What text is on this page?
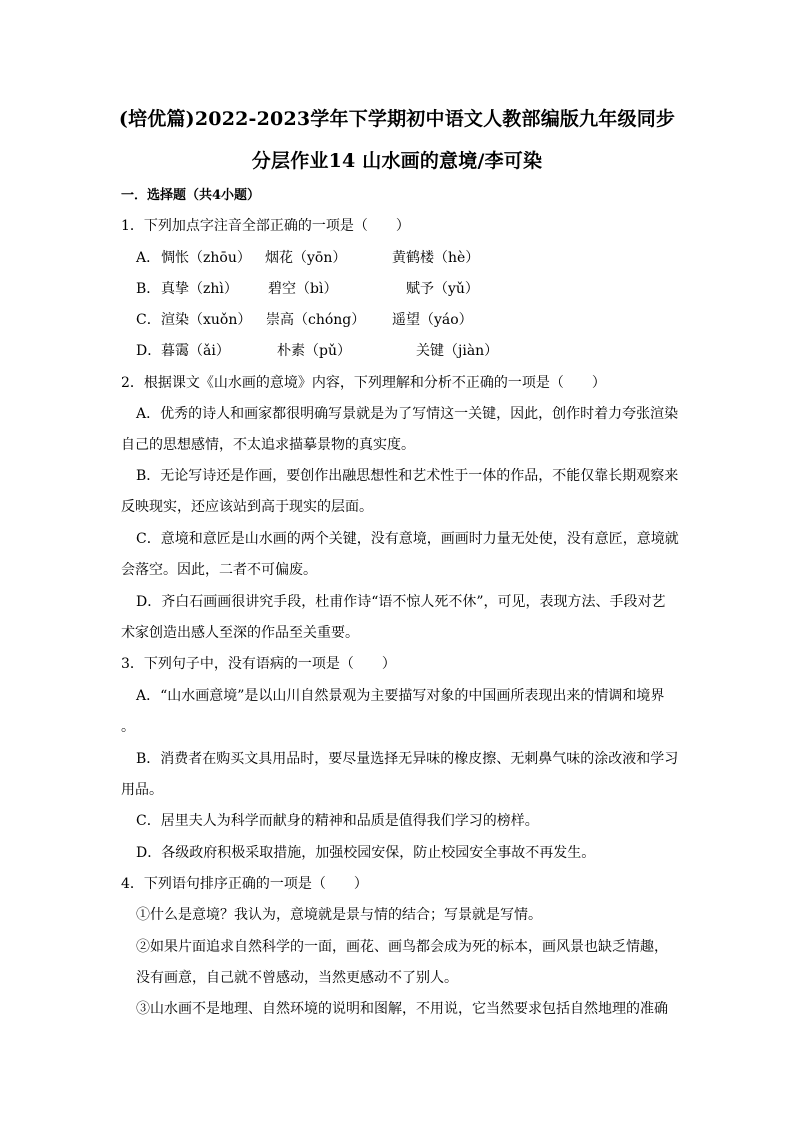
(培优篇)2022-2023学年下学期初中语文人教部编版九年级同步
分层作业14 山水画的意境/李可染
一．选择题（共4小题）
1．下列加点字注音全部正确的一项是（　　）
A． 惆怅（zhōu） 烟花（yōn）	黄鹤楼（hè）
B． 真挚（zhì） 碧空（bì）	赋予（yǔ）
C． 渲染（xuǒn） 崇高（chóng） 遥望（yáo）
D． 暮霭（ǎi）	朴素（pǔ）	关键（jiàn）
2．根据课文《山水画的意境》内容，下列理解和分析不正确的一项是（　　）
A．优秀的诗人和画家都很明确写景就是为了写情这一关键，因此，创作时着力夸张渲染
自己的思想感情，不太追求描摹景物的真实度。
B．无论写诗还是作画，要创作出融思想性和艺术性于一体的作品，不能仅靠长期观察来
反映现实，还应该站到高于现实的层面。
C．意境和意匠是山水画的两个关键，没有意境，画画时力量无处使，没有意匠，意境就
会落空。因此，二者不可偏废。
D．齐白石画画很讲究手段，杜甫作诗“语不惊人死不休”，可见，表现方法、手段对艺
术家创造出感人至深的作品至关重要。
3．下列句子中，没有语病的一项是（　　）
A．“山水画意境”是以山川自然景观为主要描写对象的中国画所表现出来的情调和境界
。
B．消费者在购买文具用品时，要尽量选择无异味的橡皮擦、无刺鼻气味的涂改液和学习
用品。
C．居里夫人为科学而献身的精神和品质是值得我们学习的榜样。
D．各级政府积极采取措施，加强校园安保，防止校园安全事故不再发生。
4．下列语句排序正确的一项是（　　）
①什么是意境？我认为，意境就是景与情的结合；写景就是写情。
②如果片面追求自然科学的一面，画花、画鸟都会成为死的标本，画风景也缺乏情趣，
没有画意，自己就不曾感动，当然更感动不了别人。
③山水画不是地理、自然环境的说明和图解，不用说，它当然要求包括自然地理的准确
